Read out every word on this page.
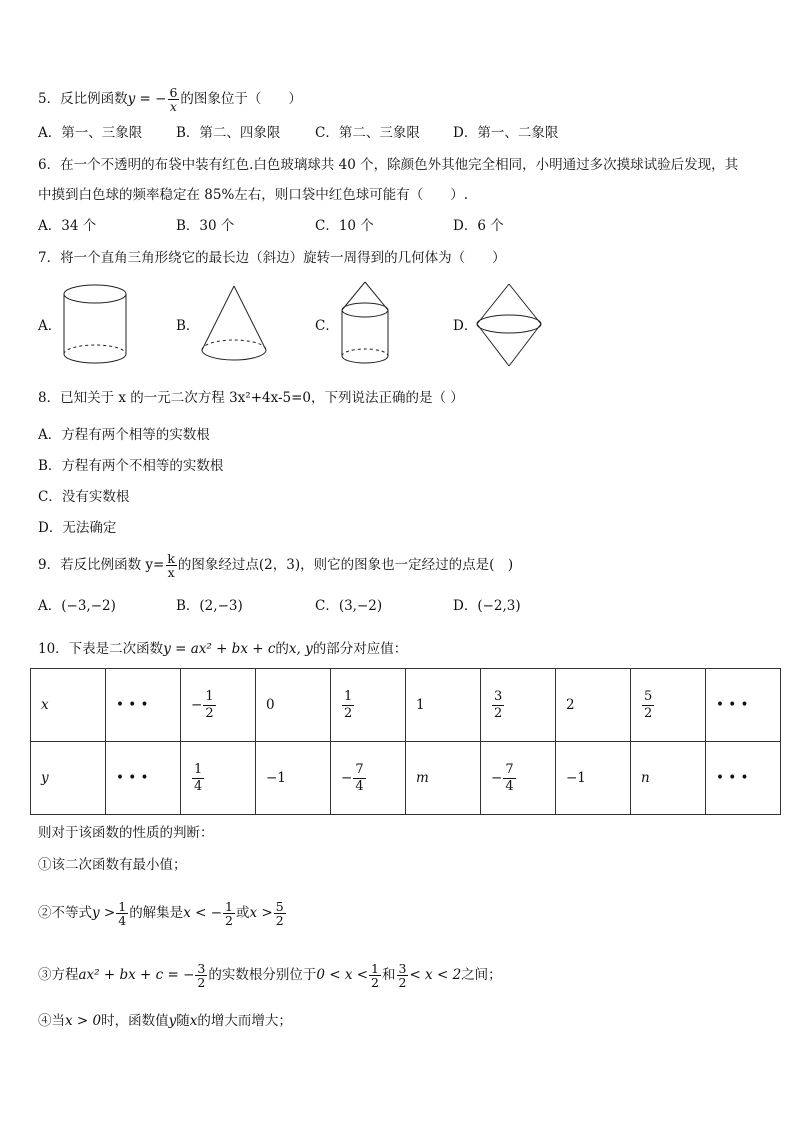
5．反比例函数y = − $\frac{6}{x}$ 的图象位于（　　）
A．第一、三象限	B．第二、四象限	C．第二、三象限 D．第一、二象限
6．在一个不透明的布袋中装有红色.白色玻璃球共 40 个，除颜色外其他完全相同，小明通过多次摸球试验后发现，其
中摸到白色球的频率稳定在 85%左右，则口袋中红色球可能有（　　）.
A．34 个	B．30 个	C．10 个	D．6 个
7．将一个直角三角形绕它的最长边（斜边）旋转一周得到的几何体为（　　）
A．	B．	C．	D．
8．已知关于 x 的一元二次方程 3x²+4x-5=0，下列说法正确的是（ ）
A．方程有两个相等的实数根
B．方程有两个不相等的实数根
C．没有实数根
D．无法确定
9．若反比例函数 $y= \frac{k}{x}$ 的图象经过点(2，3)，则它的图象也一定经过的点是(　)
A．(−3,−2)	B．(2,−3)	C．(3,−2)	D．(−2,3)
10．下表是二次函数y = ax² + bx + c的x, y的部分对应值：
x	• • •	− $\frac{1}{2}$	0	$\frac{1}{2}$	1	$\frac{3}{2}$	2	$\frac{5}{2}$	• • •
y	• • •	$\frac{1}{4}$	−1	− $\frac{7}{4}$	m	− $\frac{7}{4}$	−1	n	• • •
则对于该函数的性质的判断：
①该二次函数有最小值；
②不等式$y > \frac{1}{4}$ 的解集是x < − $\frac{1}{2}$ 或$x > \frac{5}{2}$
③方程ax² + bx + c = − $\frac{3}{2}$ 的实数根分别位于$0 < x < \frac{1}{2}$ 和 $\frac{3}{2} < x < 2$之间；
④当x > 0时，函数值y随x的增大而增大；
